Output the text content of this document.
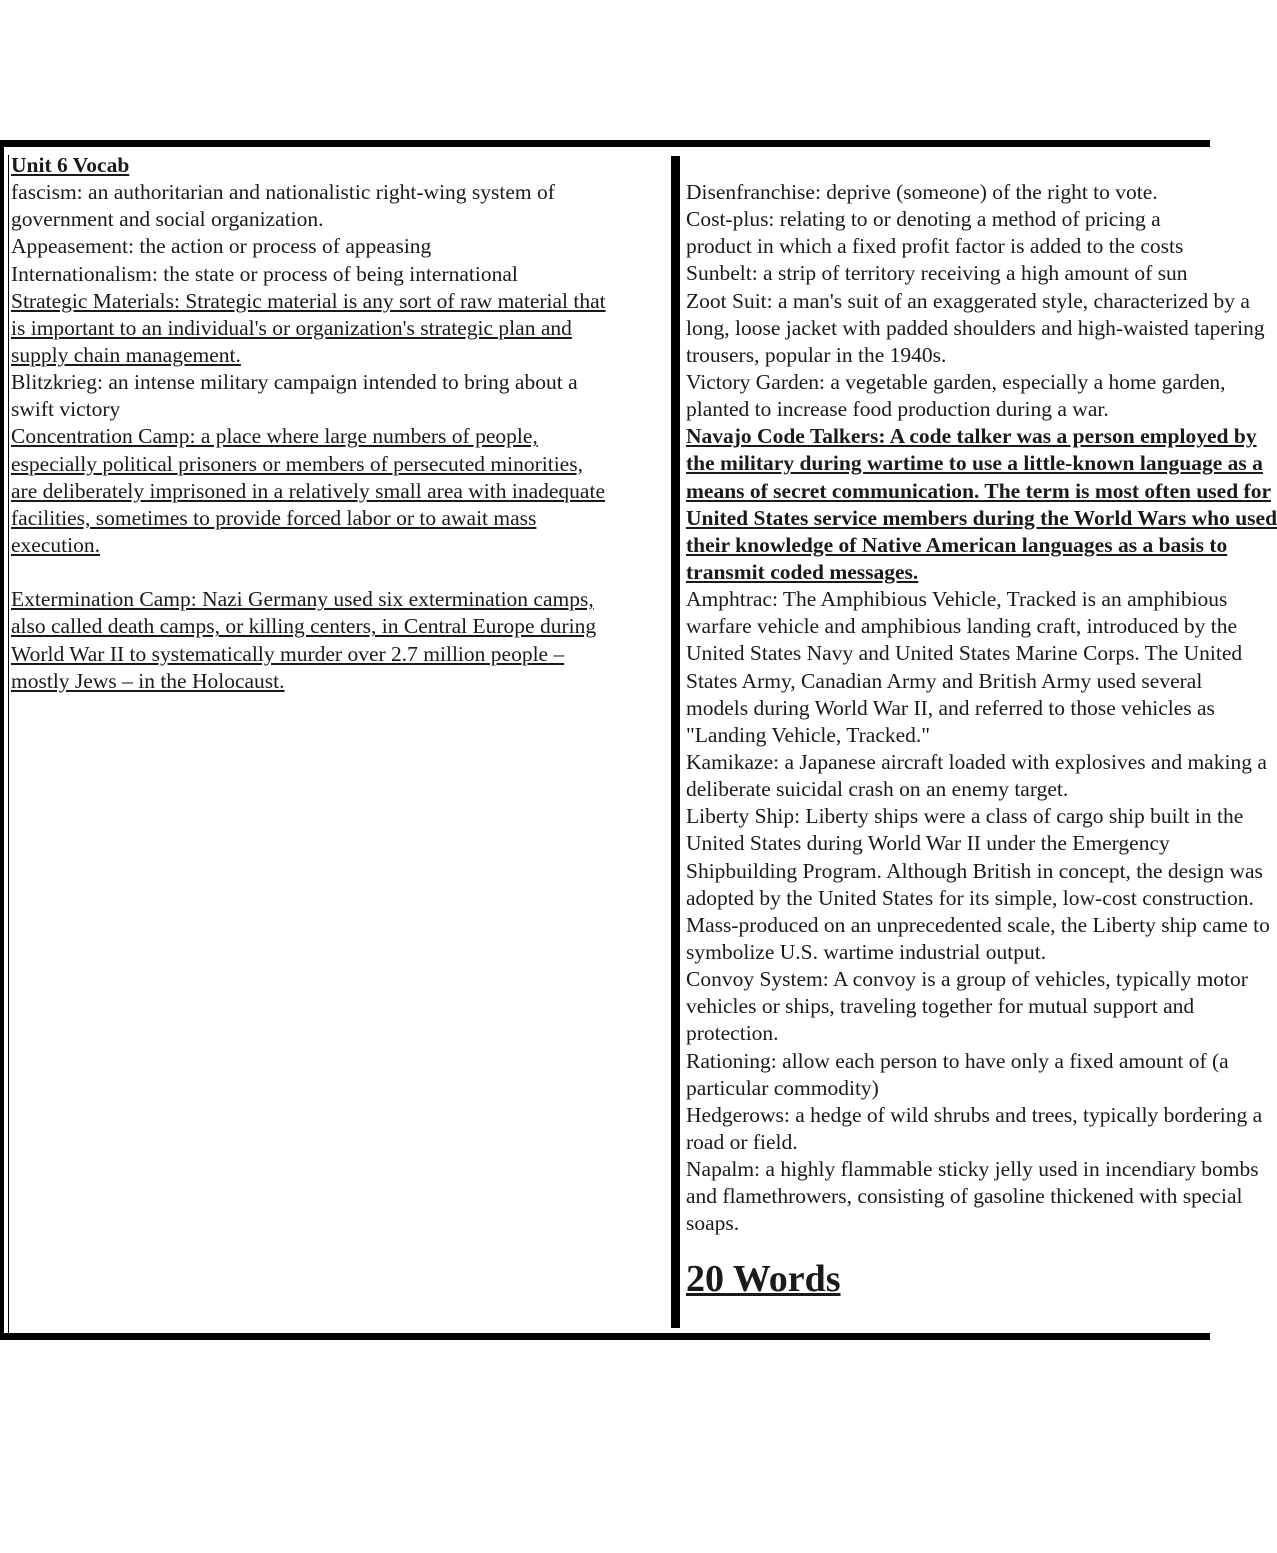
Unit 6 Vocab
fascism: an authoritarian and nationalistic right-wing system of
government and social organization.
Appeasement: the action or process of appeasing
Internationalism: the state or process of being international
Strategic Materials: Strategic material is any sort of raw material that
is important to an individual's or organization's strategic plan and
supply chain management.
Blitzkrieg: an intense military campaign intended to bring about a
swift victory
Concentration Camp: a place where large numbers of people,
especially political prisoners or members of persecuted minorities,
are deliberately imprisoned in a relatively small area with inadequate
facilities, sometimes to provide forced labor or to await mass
execution.
Extermination Camp: Nazi Germany used six extermination camps,
also called death camps, or killing centers, in Central Europe during
World War II to systematically murder over 2.7 million people –
mostly Jews – in the Holocaust.
Disenfranchise: deprive (someone) of the right to vote.
Cost-plus: relating to or denoting a method of pricing a
product in which a fixed profit factor is added to the costs
Sunbelt: a strip of territory receiving a high amount of sun
Zoot Suit: a man's suit of an exaggerated style, characterized by a
long, loose jacket with padded shoulders and high-waisted tapering
trousers, popular in the 1940s.
Victory Garden: a vegetable garden, especially a home garden,
planted to increase food production during a war.
Navajo Code Talkers: A code talker was a person employed by
the military during wartime to use a little-known language as a
means of secret communication. The term is most often used for
United States service members during the World Wars who used
their knowledge of Native American languages as a basis to
transmit coded messages.
Amphtrac: The Amphibious Vehicle, Tracked is an amphibious
warfare vehicle and amphibious landing craft, introduced by the
United States Navy and United States Marine Corps. The United
States Army, Canadian Army and British Army used several
models during World War II, and referred to those vehicles as
"Landing Vehicle, Tracked."
Kamikaze: a Japanese aircraft loaded with explosives and making a
deliberate suicidal crash on an enemy target.
Liberty Ship: Liberty ships were a class of cargo ship built in the
United States during World War II under the Emergency
Shipbuilding Program. Although British in concept, the design was
adopted by the United States for its simple, low-cost construction.
Mass-produced on an unprecedented scale, the Liberty ship came to
symbolize U.S. wartime industrial output.
Convoy System: A convoy is a group of vehicles, typically motor
vehicles or ships, traveling together for mutual support and
protection.
Rationing: allow each person to have only a fixed amount of (a
particular commodity)
Hedgerows: a hedge of wild shrubs and trees, typically bordering a
road or field.
Napalm: a highly flammable sticky jelly used in incendiary bombs
and flamethrowers, consisting of gasoline thickened with special
soaps.
20 Words
